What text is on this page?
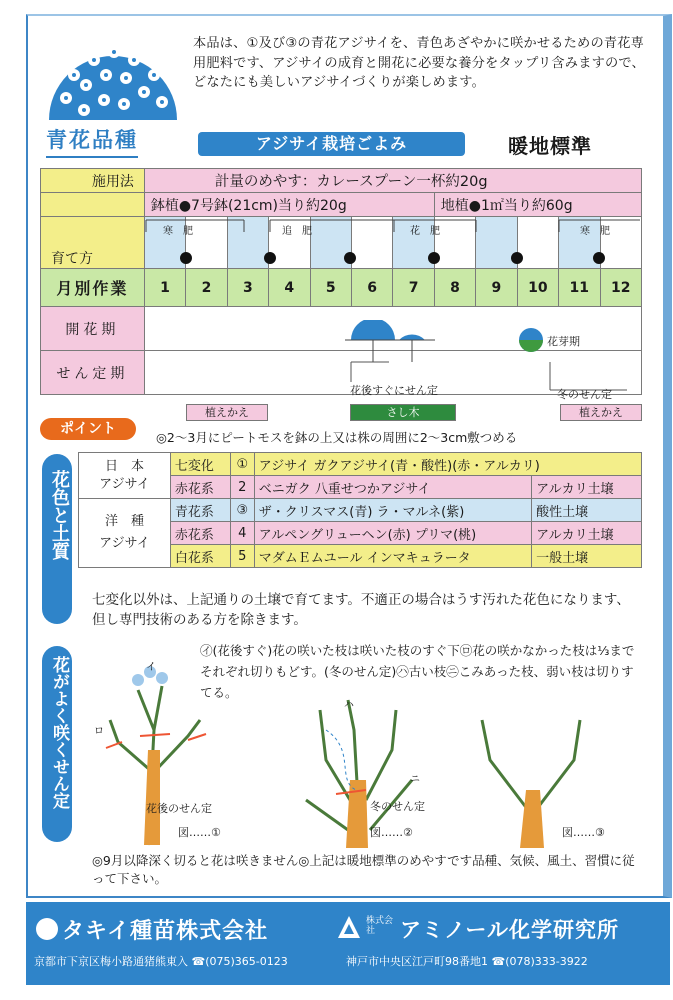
本品は、①及び③の青花アジサイを、青色あざやかに咲かせるための青花専用肥料です、アジサイの成育と開花に必要な養分をタップリ含みますので、どなたにも美しいアジサイづくりが楽しめます。
青花品種	アジサイ栽培ごよみ	暖地標準
施用法	計量のめやす：カレースプーン一杯約20g											
	鉢植●7号鉢(21cm)当り約20g							地植●1㎡当り約60g				
育て方												
月別作業	1	2	3	4	5	6	7	8	9	10	11	12
開花期												
せん定期												

寒　肥	追　肥	花　肥	寒　肥
花芽期
花後すぐにせん定	冬のせん定
植えかえ	さし木	植えかえ
ポイント
◎2～3月にピートモスを鉢の上又は株の周囲に2～3cm敷つめる
花色と土質
日　本
アジサイ	七変化	①	アジサイ ガクアジサイ(青・酸性)(赤・アルカリ)	
	赤花系	2	ベニガク 八重せつかアジサイ	アルカリ土壌
洋　種
アジサイ	青花系	③	ザ・クリスマス(青) ラ・マルネ(紫)	酸性土壌
	赤花系	4	アルペングリューヘン(赤) プリマ(桃)	アルカリ土壌
	白花系	5	マダムＥムユール インマキュラータ	一般土壌
七変化以外は、上記通りの土壌で育てます。不適正の場合はうす汚れた花色になります、但し専門技術のある方を除きます。
花がよく咲くせん定
㋑(花後すぐ)花の咲いた枝は咲いた枝のすぐ下㋺花の咲かなかった枝は⅓までそれぞれ切りもどす。(冬のせん定)㋩古い枝㋥こみあった枝、弱い枝は切りすてる。
イ
ロ
花後のせん定
図……①
ハ
ニ
冬のせん定
図……②	図……③
◎9月以降深く切ると花は咲きません◎上記は暖地標準のめやすです品種、気候、風土、習慣に従って下さい。
タキイ種苗株式会社
京都市下京区梅小路通猪熊東入 ☎(075)365-0123
株式会社	アミノール化学研究所
神戸市中央区江戸町98番地1 ☎(078)333-3922
